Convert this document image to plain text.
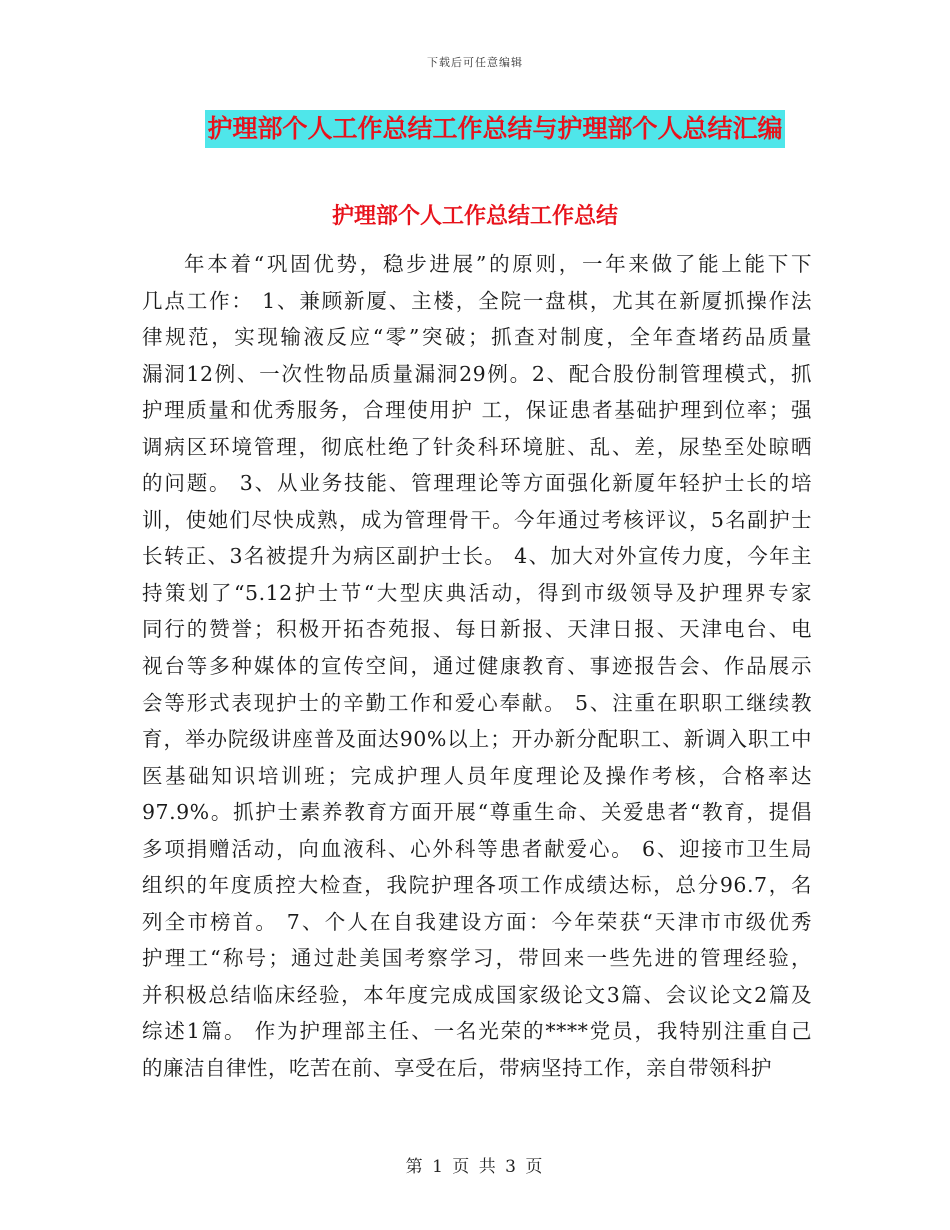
下载后可任意编辑
护理部个人工作总结工作总结与护理部个人总结汇编
护理部个人工作总结工作总结
年本着“巩固优势，稳步进展”的原则，一年来做了能上能下下
几点工作： 1、兼顾新厦、主楼，全院一盘棋，尤其在新厦抓操作法
律规范，实现输液反应“零”突破；抓查对制度，全年查堵药品质量
漏洞12例、一次性物品质量漏洞29例。2、配合股份制管理模式，抓
护理质量和优秀服务，合理使用护 工，保证患者基础护理到位率；强
调病区环境管理，彻底杜绝了针灸科环境脏、乱、差，尿垫至处晾晒
的问题。 3、从业务技能、管理理论等方面强化新厦年轻护士长的培
训，使她们尽快成熟，成为管理骨干。今年通过考核评议，5名副护士
长转正、3名被提升为病区副护士长。 4、加大对外宣传力度，今年主
持策划了“5.12护士节“大型庆典活动，得到市级领导及护理界专家
同行的赞誉；积极开拓杏苑报、每日新报、天津日报、天津电台、电
视台等多种媒体的宣传空间，通过健康教育、事迹报告会、作品展示
会等形式表现护士的辛勤工作和爱心奉献。 5、注重在职职工继续教
育，举办院级讲座普及面达90%以上；开办新分配职工、新调入职工中
医基础知识培训班；完成护理人员年度理论及操作考核，合格率达
97.9%。抓护士素养教育方面开展“尊重生命、关爱患者“教育，提倡
多项捐赠活动，向血液科、心外科等患者献爱心。 6、迎接市卫生局
组织的年度质控大检查，我院护理各项工作成绩达标，总分96.7，名
列全市榜首。 7、个人在自我建设方面：今年荣获“天津市市级优秀
护理工“称号；通过赴美国考察学习，带回来一些先进的管理经验，
并积极总结临床经验，本年度完成成国家级论文3篇、会议论文2篇及
综述1篇。 作为护理部主任、一名光荣的****党员，我特别注重自己
的廉洁自律性，吃苦在前、享受在后，带病坚持工作，亲自带领科护
第 1 页 共 3 页
